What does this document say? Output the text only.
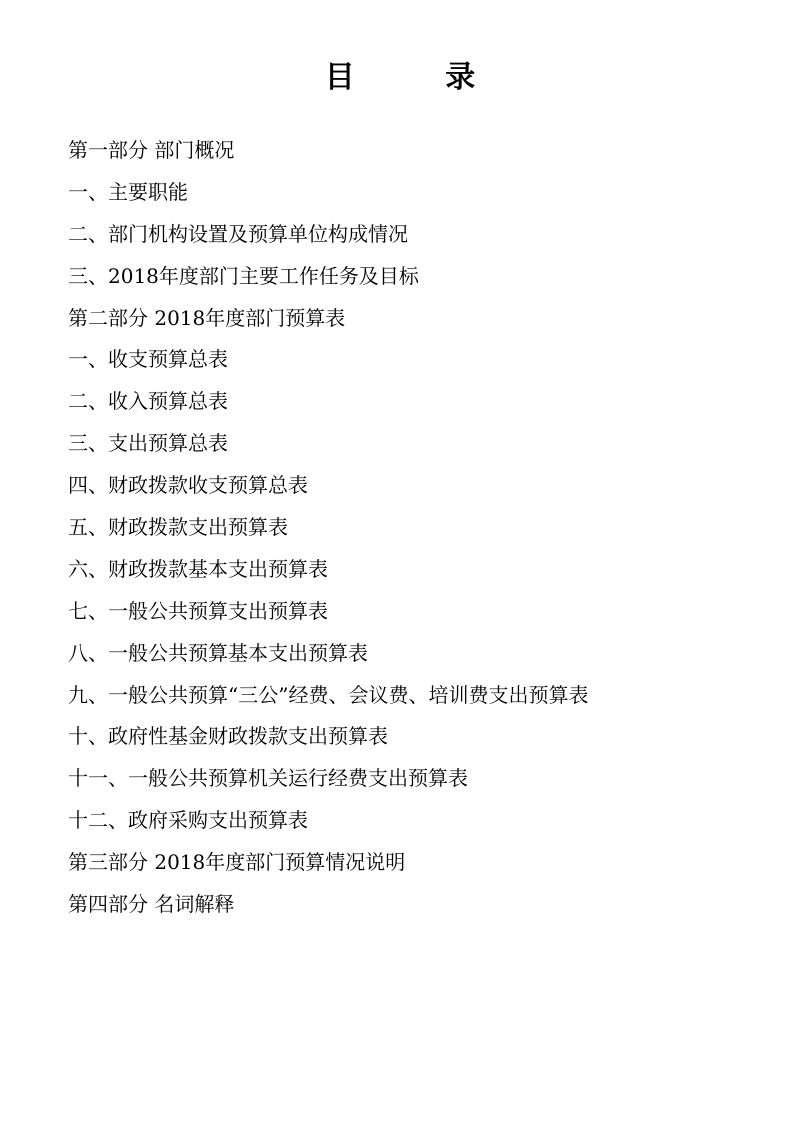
目 录
第一部分 部门概况
一、主要职能
二、部门机构设置及预算单位构成情况
三、2018年度部门主要工作任务及目标
第二部分 2018年度部门预算表
一、收支预算总表
二、收入预算总表
三、支出预算总表
四、财政拨款收支预算总表
五、财政拨款支出预算表
六、财政拨款基本支出预算表
七、一般公共预算支出预算表
八、一般公共预算基本支出预算表
九、一般公共预算“三公”经费、会议费、培训费支出预算表
十、政府性基金财政拨款支出预算表
十一、一般公共预算机关运行经费支出预算表
十二、政府采购支出预算表
第三部分 2018年度部门预算情况说明
第四部分 名词解释
